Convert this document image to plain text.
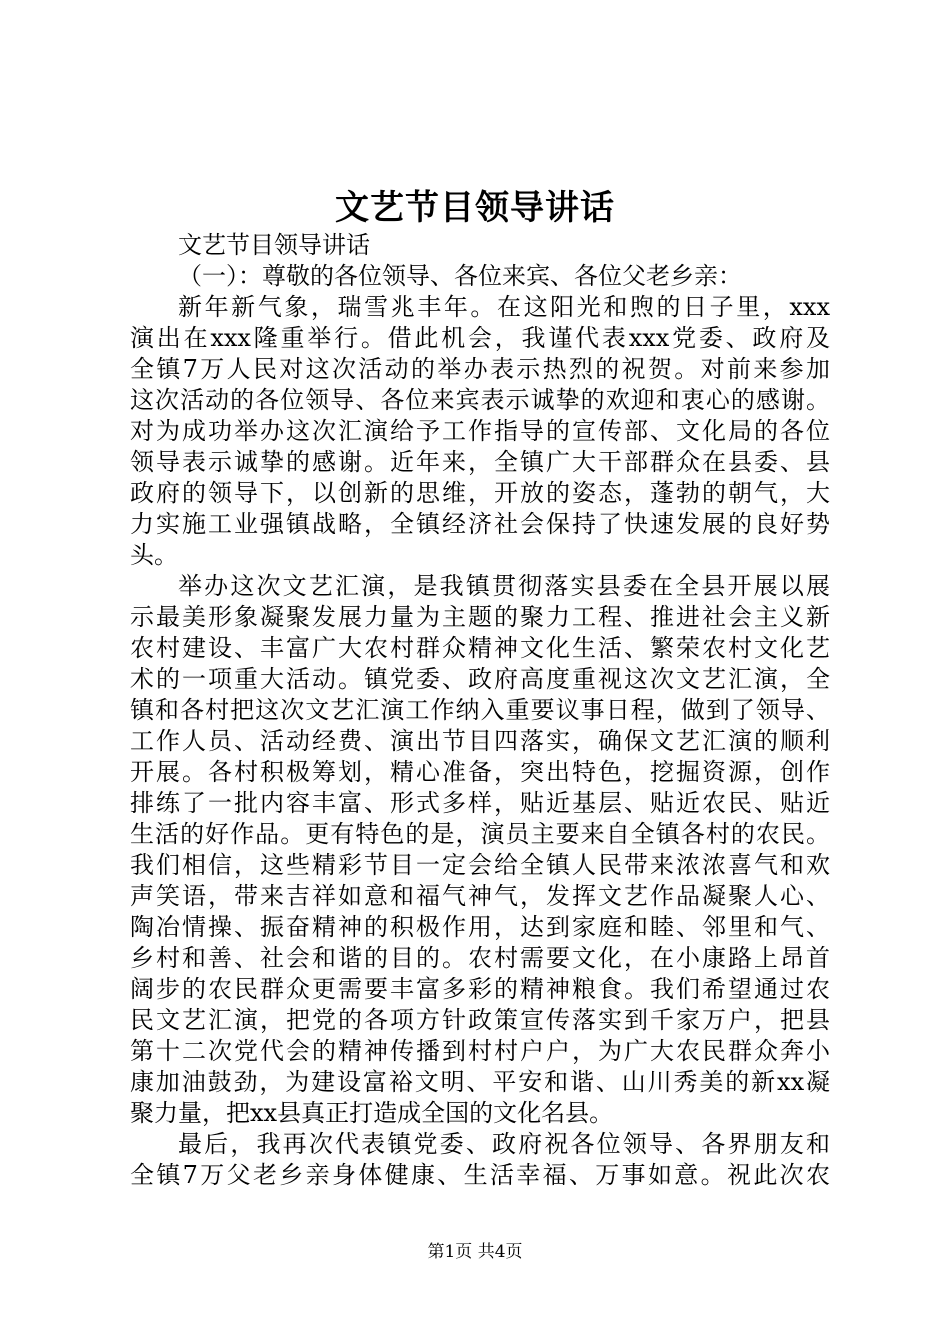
文艺节目领导讲话
文艺节目领导讲话
（一）：尊敬的各位领导、各位来宾、各位父老乡亲：
新年新气象，瑞雪兆丰年。在这阳光和煦的日子里，xxx
演出在xxx隆重举行。借此机会，我谨代表xxx党委、政府及
全镇7万人民对这次活动的举办表示热烈的祝贺。对前来参加
这次活动的各位领导、各位来宾表示诚挚的欢迎和衷心的感谢。
对为成功举办这次汇演给予工作指导的宣传部、文化局的各位
领导表示诚挚的感谢。近年来，全镇广大干部群众在县委、县
政府的领导下，以创新的思维，开放的姿态，蓬勃的朝气，大
力实施工业强镇战略，全镇经济社会保持了快速发展的良好势
头。
举办这次文艺汇演，是我镇贯彻落实县委在全县开展以展
示最美形象凝聚发展力量为主题的聚力工程、推进社会主义新
农村建设、丰富广大农村群众精神文化生活、繁荣农村文化艺
术的一项重大活动。镇党委、政府高度重视这次文艺汇演，全
镇和各村把这次文艺汇演工作纳入重要议事日程，做到了领导、
工作人员、活动经费、演出节目四落实，确保文艺汇演的顺利
开展。各村积极筹划，精心准备，突出特色，挖掘资源，创作
排练了一批内容丰富、形式多样，贴近基层、贴近农民、贴近
生活的好作品。更有特色的是，演员主要来自全镇各村的农民。
我们相信，这些精彩节目一定会给全镇人民带来浓浓喜气和欢
声笑语，带来吉祥如意和福气神气，发挥文艺作品凝聚人心、
陶冶情操、振奋精神的积极作用，达到家庭和睦、邻里和气、
乡村和善、社会和谐的目的。农村需要文化，在小康路上昂首
阔步的农民群众更需要丰富多彩的精神粮食。我们希望通过农
民文艺汇演，把党的各项方针政策宣传落实到千家万户，把县
第十二次党代会的精神传播到村村户户，为广大农民群众奔小
康加油鼓劲，为建设富裕文明、平安和谐、山川秀美的新xx凝
聚力量，把xx县真正打造成全国的文化名县。
最后，我再次代表镇党委、政府祝各位领导、各界朋友和
全镇7万父老乡亲身体健康、生活幸福、万事如意。祝此次农
第1页 共4页
